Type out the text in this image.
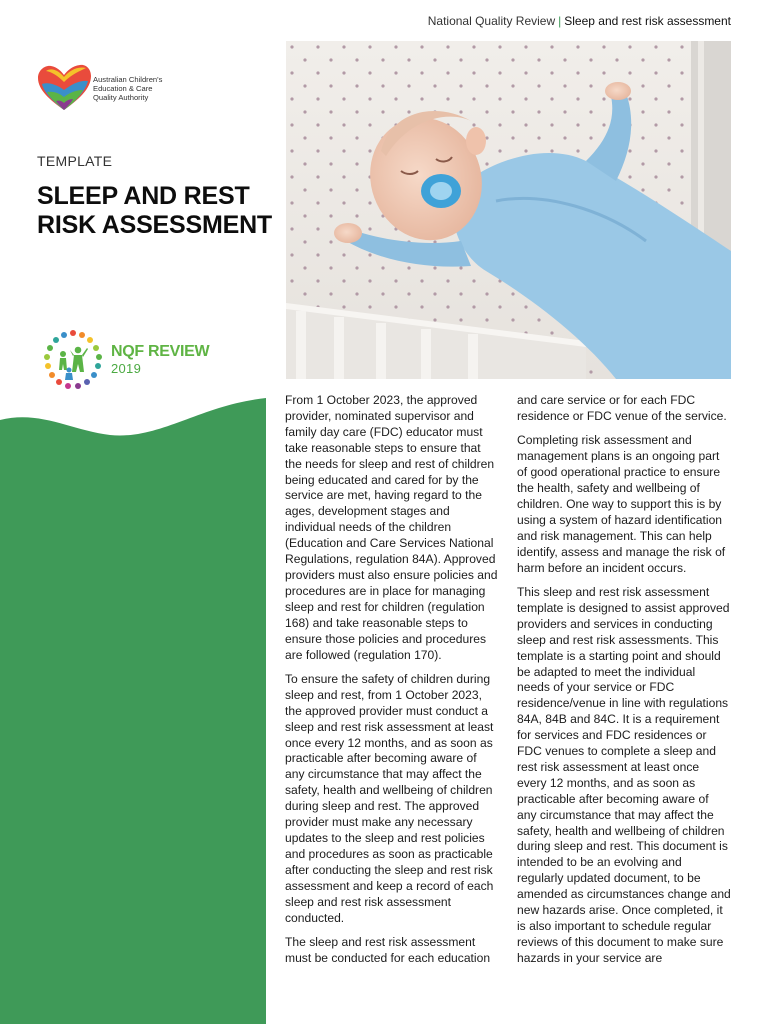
National Quality Review | Sleep and rest risk assessment
Australian Children's
Education & Care
Quality Authority
TEMPLATE
SLEEP AND REST
RISK ASSESSMENT
NQF REVIEW
2019

From 1 October 2023, the approved provider, nominated supervisor and family day care (FDC) educator must take reasonable steps to ensure that the needs for sleep and rest of children being educated and cared for by the service are met, having regard to the ages, development stages and individual needs of the children (Education and Care Services National Regulations, regulation 84A). Approved providers must also ensure policies and procedures are in place for managing sleep and rest for children (regulation 168) and take reasonable steps to ensure those policies and procedures are followed (regulation 170).

To ensure the safety of children during sleep and rest, from 1 October 2023, the approved provider must conduct a sleep and rest risk assessment at least once every 12 months, and as soon as practicable after becoming aware of any circumstance that may affect the safety, health and wellbeing of children during sleep and rest. The approved provider must make any necessary updates to the sleep and rest policies and procedures as soon as practicable after conducting the sleep and rest risk assessment and keep a record of each sleep and rest risk assessment conducted.

The sleep and rest risk assessment must be conducted for each education

and care service or for each FDC residence or FDC venue of the service.

Completing risk assessment and management plans is an ongoing part of good operational practice to ensure the health, safety and wellbeing of children. One way to support this is by using a system of hazard identification and risk management. This can help identify, assess and manage the risk of harm before an incident occurs.

This sleep and rest risk assessment template is designed to assist approved providers and services in conducting sleep and rest risk assessments. This template is a starting point and should be adapted to meet the individual needs of your service or FDC residence/venue in line with regulations 84A, 84B and 84C. It is a requirement for services and FDC residences or FDC venues to complete a sleep and rest risk assessment at least once every 12 months, and as soon as practicable after becoming aware of any circumstance that may affect the safety, health and wellbeing of children during sleep and rest. This document is intended to be an evolving and regularly updated document, to be amended as circumstances change and new hazards arise. Once completed, it is also important to schedule regular reviews of this document to make sure hazards in your service are
